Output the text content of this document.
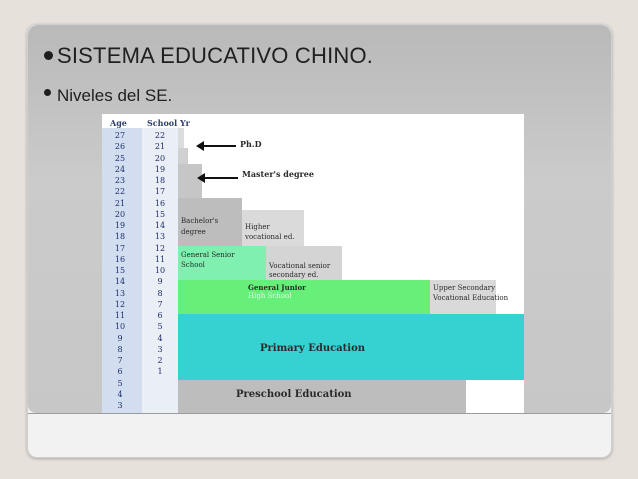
SISTEMA EDUCATIVO CHINO.
Niveles del SE.
Age	School Yr
Ph.D
Master's degree
Bachelor's
degree
Higher
vocational ed.
General Senior
School	Vocational senior
secondary ed.
General Junior
High School
Upper Secondary
Vocational Education
Primary Education
Preschool Education
27
26
25
24
23
22
21
20
19
18
17
16
15
14
13
12
11
10
9
8
7
6
5
4
3
22
21
20
19
18
17
16
15
14
13
12
11
10
9
8
7
6
5
4
3
2
1
